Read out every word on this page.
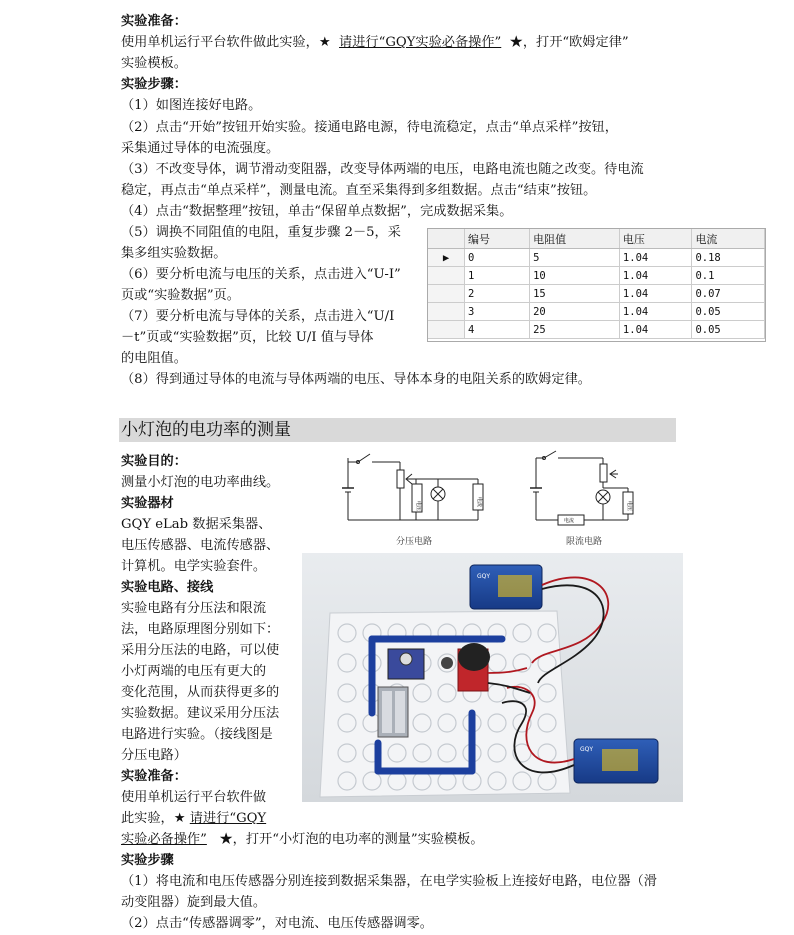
实验准备：
使用单机运行平台软件做此实验，★ 请进行“GQY实验必备操作” ★，打开“欧姆定律”
实验模板。
实验步骤：
（1）如图连接好电路。
（2）点击“开始”按钮开始实验。接通电路电源，待电流稳定，点击“单点采样”按钮，
采集通过导体的电流强度。
（3）不改变导体，调节滑动变阻器，改变导体两端的电压，电路电流也随之改变。待电流
稳定，再点击“单点采样”，测量电流。直至采集得到多组数据。点击“结束”按钮。
（4）点击“数据整理”按钮，单击“保留单点数据”，完成数据采集。
（5）调换不同阻值的电阻，重复步骤 2－5，采
集多组实验数据。
（6）要分析电流与电压的关系，点击进入“U-I”
页或“实验数据”页。
（7）要分析电流与导体的关系，点击进入“U/I
－t”页或“实验数据”页，比较 U/I 值与导体
的电阻值。
（8）得到通过导体的电流与导体两端的电压、导体本身的电阻关系的欧姆定律。
	编号	电阻值	电压	电流
▶	0	5	1.04	0.18
	1	10	1.04	0.1
	2	15	1.04	0.07
	3	20	1.04	0.05
	4	25	1.04	0.05
小灯泡的电功率的测量
实验目的：
测量小灯泡的电功率曲线。
实验器材
GQY eLab 数据采集器、
电压传感器、电流传感器、
计算机。电学实验套件。
实验电路、接线
实验电路有分压法和限流
法，电路原理图分别如下：
采用分压法的电路，可以使
小灯两端的电压有更大的
变化范围，从而获得更多的
实验数据。建议采用分压法
电路进行实验。（接线图是
分压电路）
实验准备：
使用单机运行平台软件做
此实验，★ 请进行“GQY
实验必备操作”   ★，打开“小灯泡的电功率的测量”实验模板。
实验步骤
（1）将电流和电压传感器分别连接到数据采集器，在电学实验板上连接好电路，电位器（滑
动变阻器）旋到最大值。
（2）点击“传感器调零”，对电流、电压传感器调零。
电压	电流
电流
电压
分压电路	限流电路
GQY
GQY
